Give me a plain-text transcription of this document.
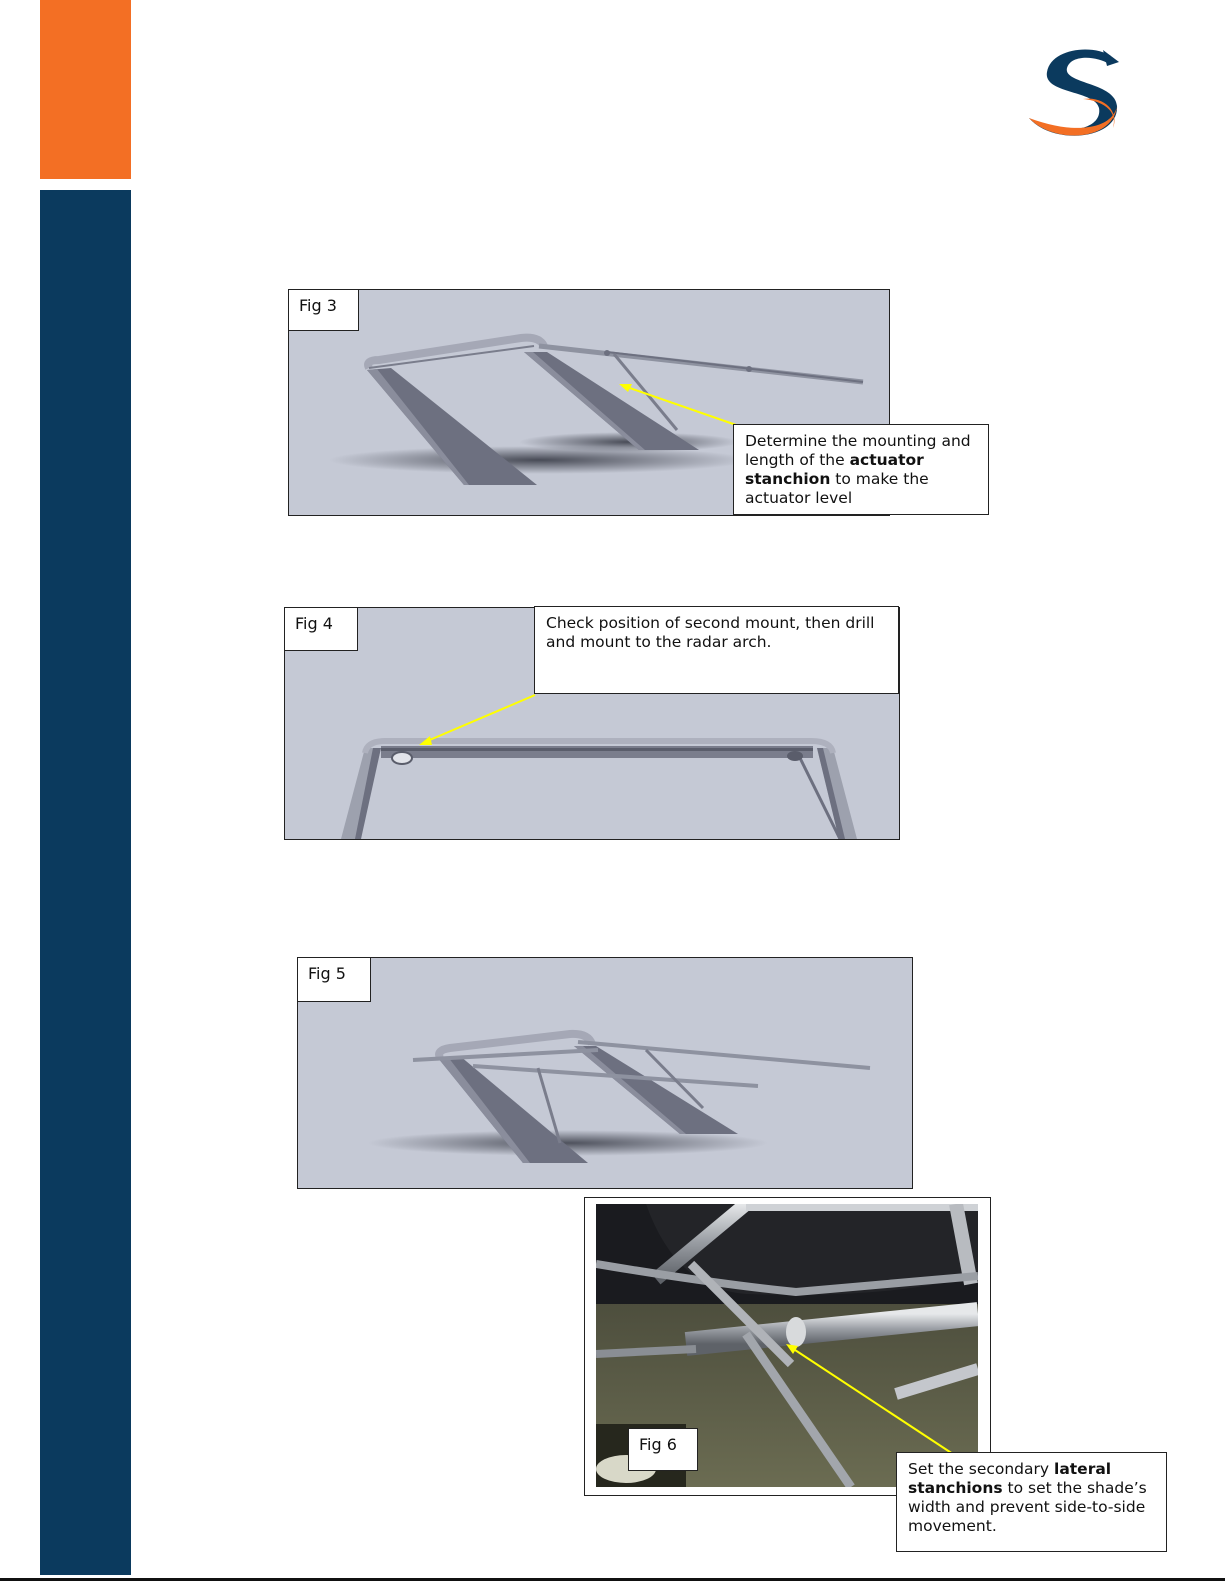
Fig 3
Determine the mounting and length of the actuator stanchion to make the actuator level
Fig 4	Check position of second mount, then drill and mount to the radar arch.
Fig 5
Fig 6
Set the secondary lateral stanchions to set the shade’s width and prevent side-to-side movement.
